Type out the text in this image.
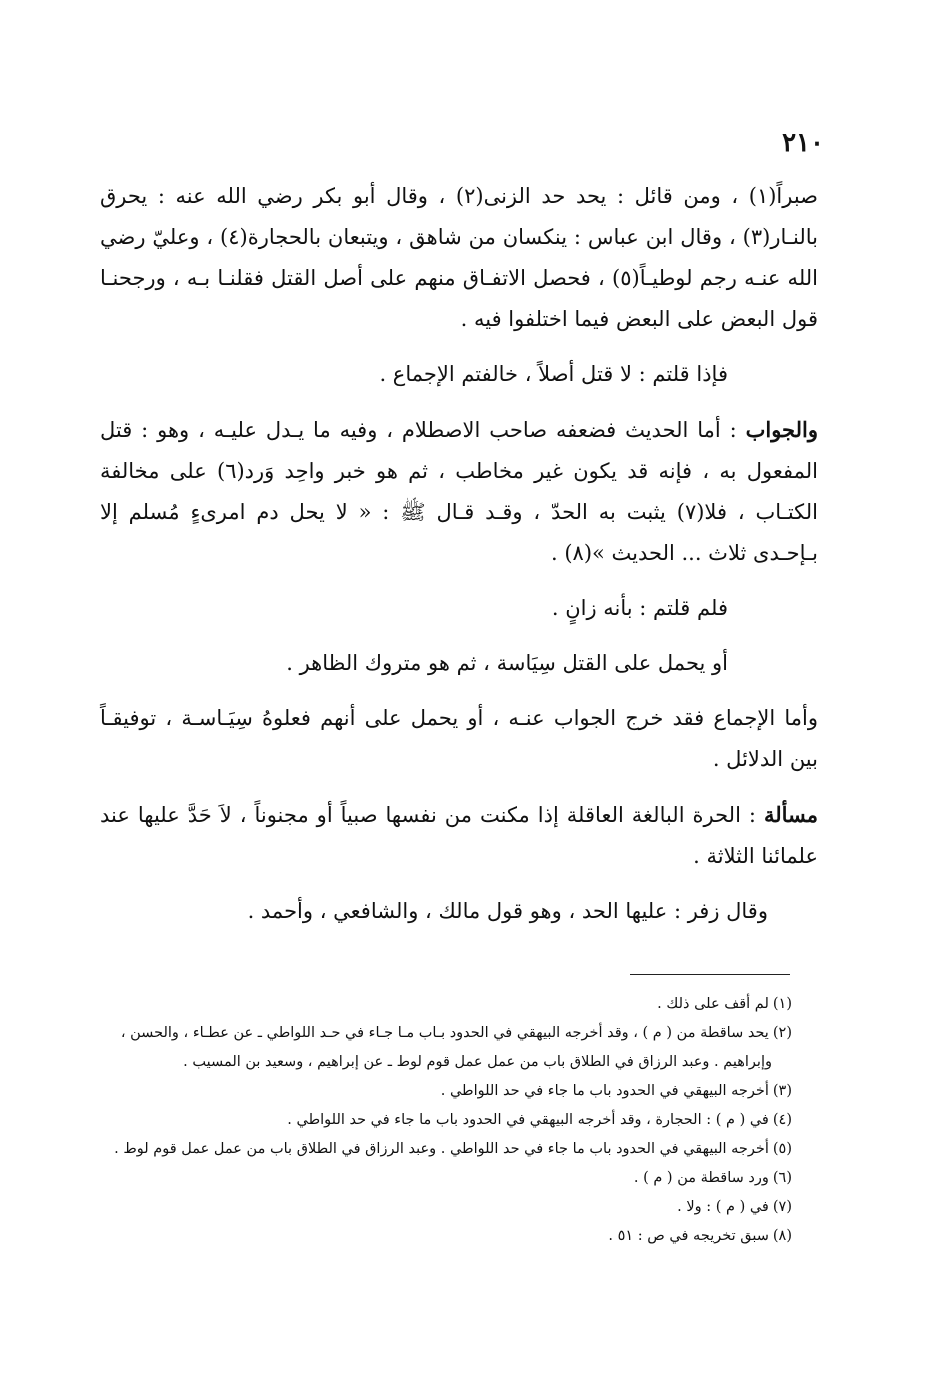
٢١٠

صبراً(١) ، ومن قائل : يحد حد الزنى(٢) ، وقال أبو بكر رضي الله عنه : يحرق بالنـار(٣) ، وقال ابن عباس : ينكسان من شاهق ، ويتبعان بالحجارة(٤) ، وعليّ رضي الله عنـه رجم لوطيـاً(٥) ، فحصل الاتفـاق منهم على أصل القتل فقلنـا بـه ، ورجحنـا قول البعض على البعض فيما اختلفوا فيه .

فإذا قلتم : لا قتل أصلاً ، خالفتم الإجماع .

والجواب : أما الحديث فضعفه صاحب الاصطلام ، وفيه ما يـدل عليـه ، وهو : قتل المفعول به ، فإنه قد يكون غير مخاطب ، ثم هو خبر واحِد وَرد(٦) على مخالفة الكتـاب ، فلا(٧) يثبت به الحدّ ، وقـد قـال ﷺ : « لا يحل دم امرىءٍ مُسلم إلا بـإحـدى ثلاث ... الحديث »(٨) .

فلم قلتم : بأنه زانٍ .

أو يحمل على القتل سِيَاسة ، ثم هو متروك الظاهر .

وأما الإجماع فقد خرج الجواب عنـه ، أو يحمل على أنهم فعلوهُ سِيَـاسـة ، توفيقـاً بين الدلائل .

مسألة : الحرة البالغة العاقلة إذا مكنت من نفسها صبياً أو مجنوناً ، لاَ حَدَّ عليها عند علمائنا الثلاثة .

وقال زفر : عليها الحد ، وهو قول مالك ، والشافعي ، وأحمد .

(١)لم أقف على ذلك .

(٢)يحد ساقطة من ( م ) ، وقد أخرجه البيهقي في الحدود بـاب مـا جـاء في حـد اللواطي ـ عن عطـاء ، والحسن ،

وإبراهيم . وعبد الرزاق في الطلاق باب من عمل عمل قوم لوط ـ عن إبراهيم ، وسعيد بن المسيب .

(٣)أخرجه البيهقي في الحدود باب ما جاء في حد اللواطي .

(٤)في ( م ) : الحجارة ، وقد أخرجه البيهقي في الحدود باب ما جاء في حد اللواطي .

(٥)أخرجه البيهقي في الحدود باب ما جاء في حد اللواطي . وعبد الرزاق في الطلاق باب من عمل عمل قوم لوط .

(٦)ورد ساقطة من ( م ) .

(٧)في ( م ) : ولا .

(٨)سبق تخريجه في ص : ٥١ .
